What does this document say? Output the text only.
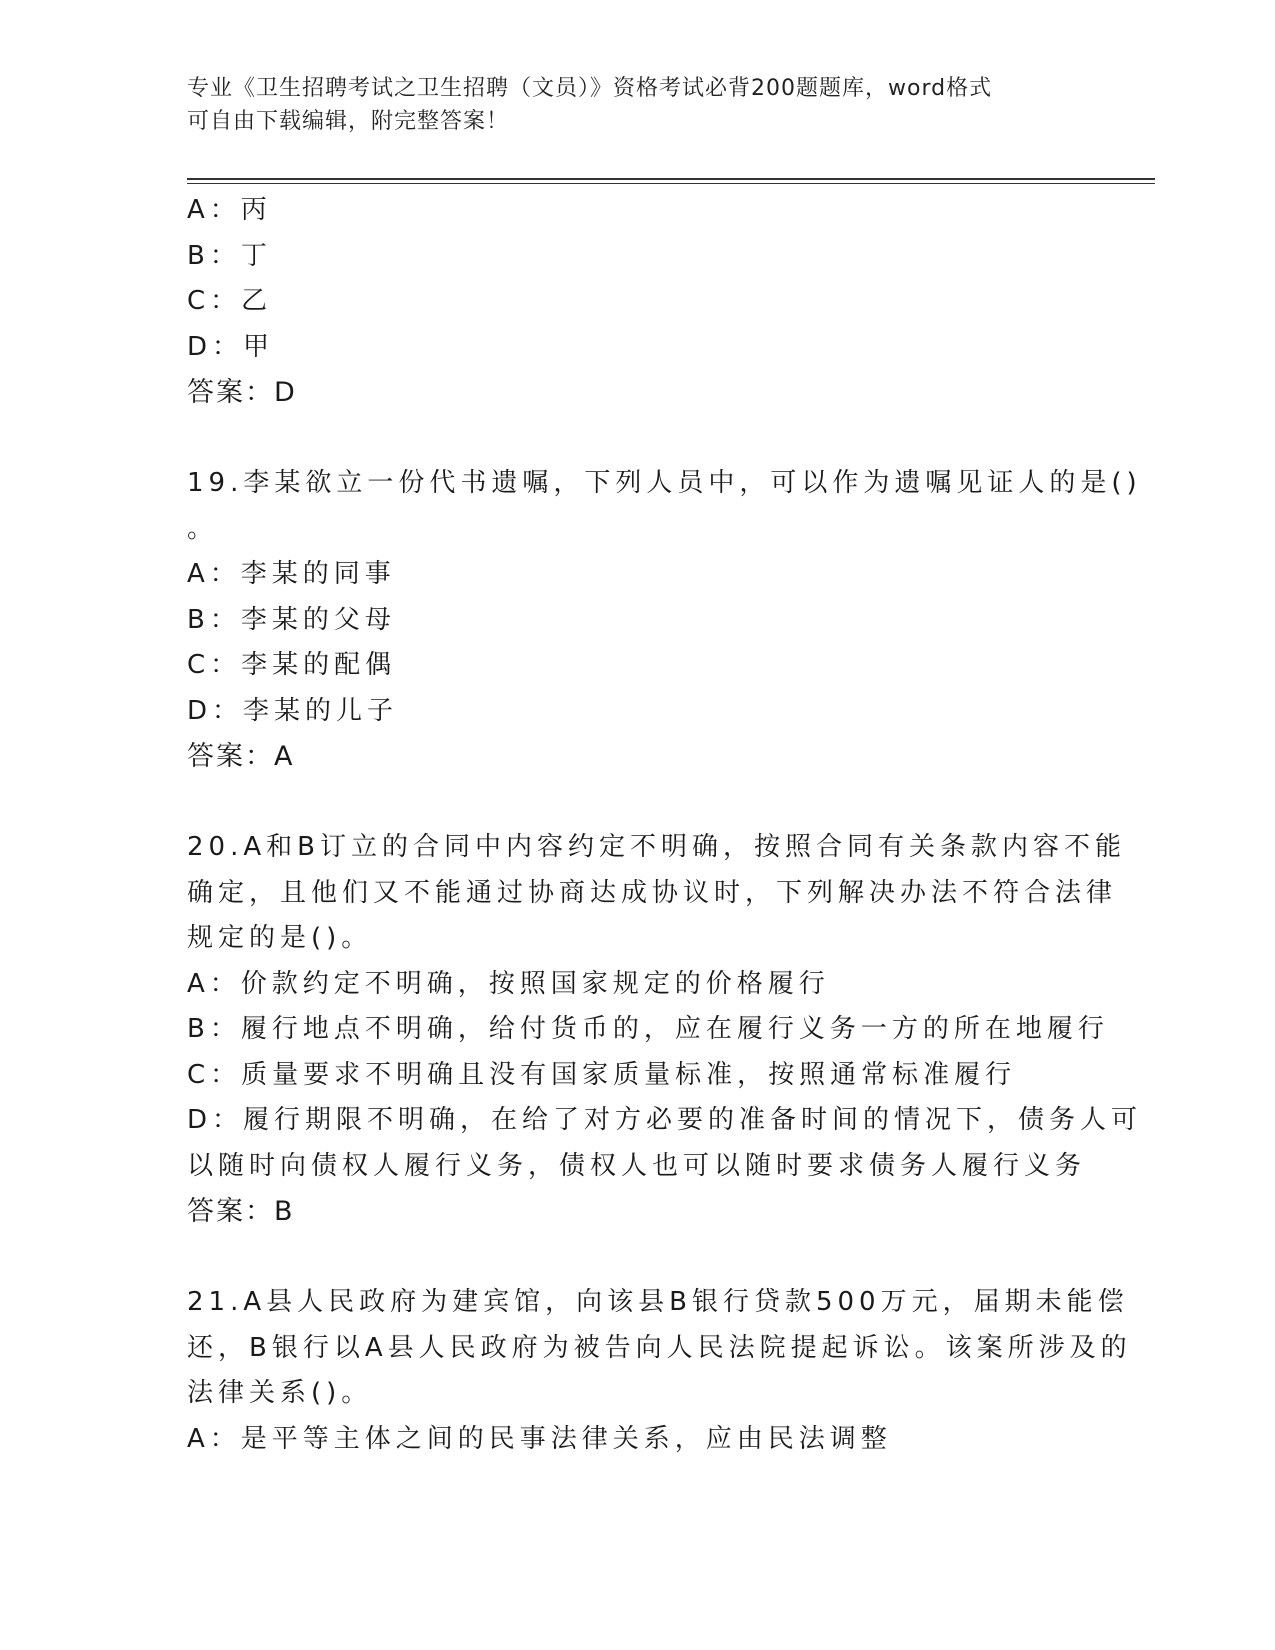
专业《卫生招聘考试之卫生招聘（文员）》资格考试必背200题题库，word格式
可自由下载编辑，附完整答案！
A：丙
B：丁
C：乙
D：甲
答案：D
19.李某欲立一份代书遗嘱，下列人员中，可以作为遗嘱见证人的是()
。
A：李某的同事
B：李某的父母
C：李某的配偶
D：李某的儿子
答案：A
20.A和B订立的合同中内容约定不明确，按照合同有关条款内容不能
确定，且他们又不能通过协商达成协议时，下列解决办法不符合法律
规定的是()。
A：价款约定不明确，按照国家规定的价格履行
B：履行地点不明确，给付货币的，应在履行义务一方的所在地履行
C：质量要求不明确且没有国家质量标准，按照通常标准履行
D：履行期限不明确，在给了对方必要的准备时间的情况下，债务人可
以随时向债权人履行义务，债权人也可以随时要求债务人履行义务
答案：B
21.A县人民政府为建宾馆，向该县B银行贷款500万元，届期未能偿
还，B银行以A县人民政府为被告向人民法院提起诉讼。该案所涉及的
法律关系()。
A：是平等主体之间的民事法律关系，应由民法调整
